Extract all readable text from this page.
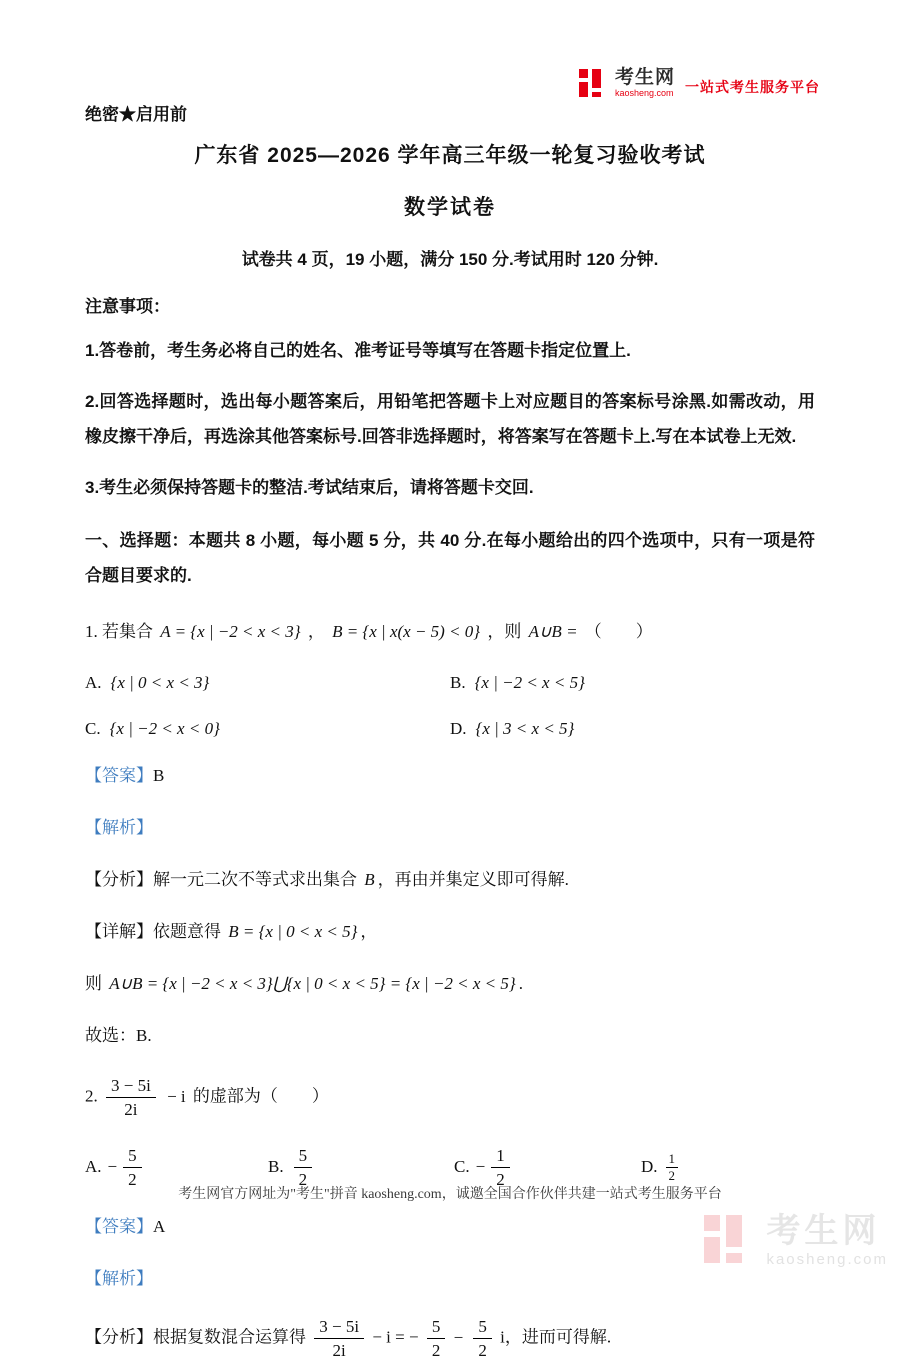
考生网
kaosheng.com 一站式考生服务平台

绝密★启用前

广东省 2025—2026 学年高三年级一轮复习验收考试
数学试卷

试卷共 4 页，19 小题，满分 150 分.考试用时 120 分钟.

注意事项：

1.答卷前，考生务必将自己的姓名、准考证号等填写在答题卡指定位置上.

2.回答选择题时，选出每小题答案后，用铅笔把答题卡上对应题目的答案标号涂黑.如需改动，用橡皮擦干净后，再选涂其他答案标号.回答非选择题时，将答案写在答题卡上.写在本试卷上无效.

3.考生必须保持答题卡的整洁.考试结束后，请将答题卡交回.

一、选择题：本题共 8 小题，每小题 5 分，共 40 分.在每小题给出的四个选项中，只有一项是符合题目要求的.

1. 若集合 A = {x | −2 < x < 3} ， B = {x | x(x − 5) < 0} ，则 A∪B = （　　）

A. {x | 0 < x < 3}	B. {x | −2 < x < 5}
C. {x | −2 < x < 0}	D. {x | 3 < x < 5}

【答案】B

【解析】

【分析】解一元二次不等式求出集合 B ，再由并集定义即可得解.

【详解】依题意得 B = {x | 0 < x < 5} ，

则 A∪B = {x | −2 < x < 3}⋃{x | 0 < x < 5} = {x | −2 < x < 5} .

故选：B.

2. $\frac{3 - 5i}{2i} - i$ 的虚部为（　　）

A. − $\frac{5}{2}$	B. $\frac{5}{2}$	C. − $\frac{1}{2}$	D. $\frac{1}{2}$

【答案】A

【解析】

【分析】根据复数混合运算得 $\frac{3 - 5i}{2i} - i$ = − $\frac{5}{2} - \frac{5}{2}$ i，进而可得解.

考生网官方网址为"考生"拼音 kaosheng.com，诚邀全国合作伙伴共建一站式考生服务平台

考生网
kaosheng.com
